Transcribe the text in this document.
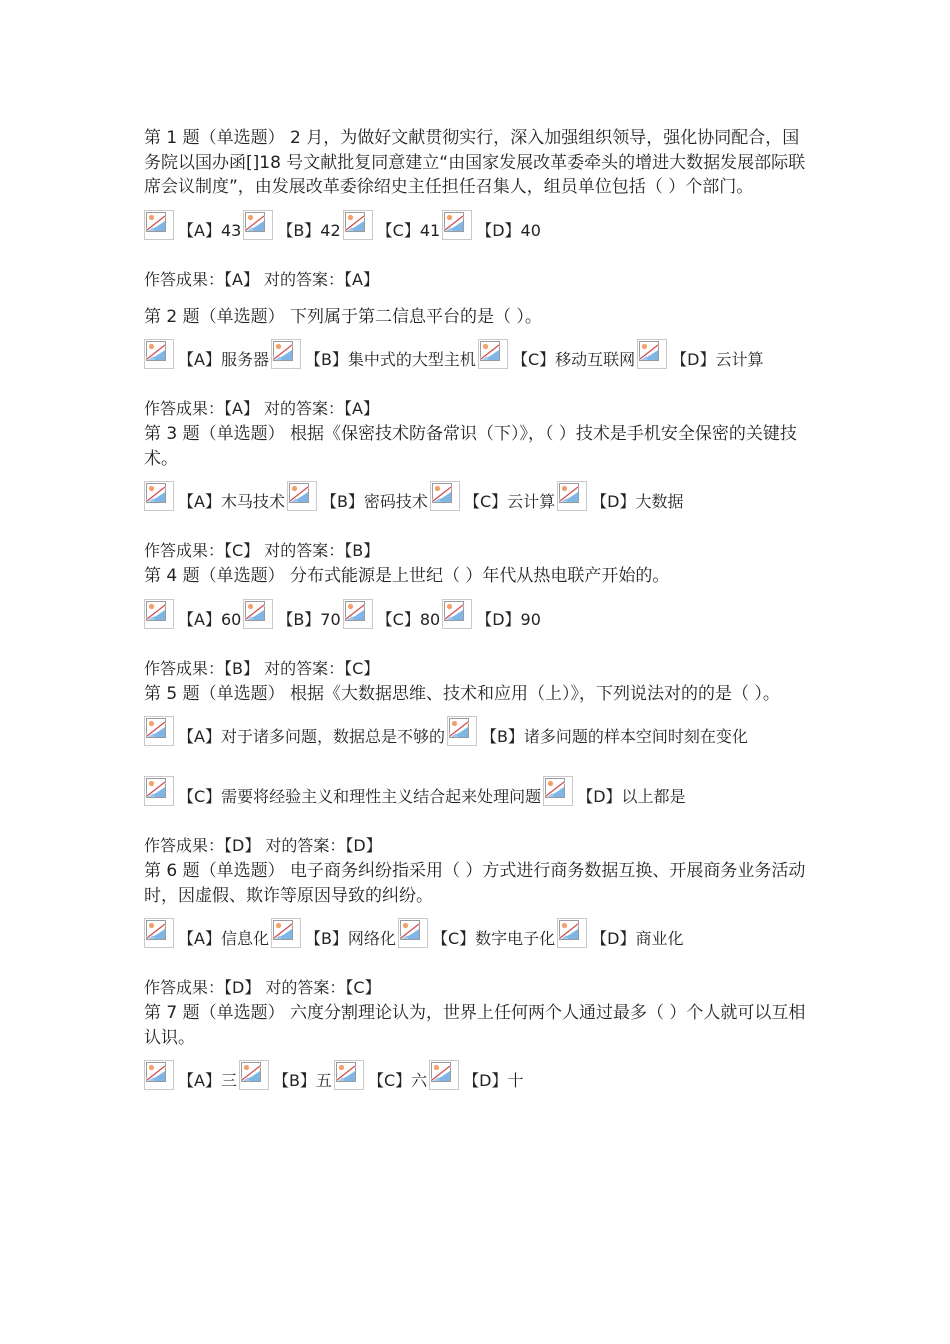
第 1 题（单选题） 2 月，为做好文献贯彻实行，深入加强组织领导，强化协同配合，国务院以国办函[]18 号文献批复同意建立“由国家发展改革委牵头的增进大数据发展部际联席会议制度”，由发展改革委徐绍史主任担任召集人，组员单位包括（ ）个部门。
【A】43 【B】42 【C】41 【D】40
作答成果：【A】 对的答案：【A】
第 2 题（单选题） 下列属于第二信息平台的是（ ）。
【A】服务器 【B】集中式的大型主机 【C】移动互联网 【D】云计算
作答成果：【A】 对的答案：【A】
第 3 题（单选题） 根据《保密技术防备常识（下）》，（ ）技术是手机安全保密的关键技术。
【A】木马技术 【B】密码技术 【C】云计算 【D】大数据
作答成果：【C】 对的答案：【B】
第 4 题（单选题） 分布式能源是上世纪（ ）年代从热电联产开始的。
【A】60 【B】70 【C】80 【D】90
作答成果：【B】 对的答案：【C】
第 5 题（单选题） 根据《大数据思维、技术和应用（上）》，下列说法对的的是（ ）。
【A】对于诸多问题，数据总是不够的 【B】诸多问题的样本空间时刻在变化
【C】需要将经验主义和理性主义结合起来处理问题 【D】以上都是
作答成果：【D】 对的答案：【D】
第 6 题（单选题） 电子商务纠纷指采用（ ）方式进行商务数据互换、开展商务业务活动时，因虚假、欺诈等原因导致的纠纷。
【A】信息化 【B】网络化 【C】数字电子化 【D】商业化
作答成果：【D】 对的答案：【C】
第 7 题（单选题） 六度分割理论认为，世界上任何两个人通过最多（ ）个人就可以互相认识。
【A】三 【B】五 【C】六 【D】十
